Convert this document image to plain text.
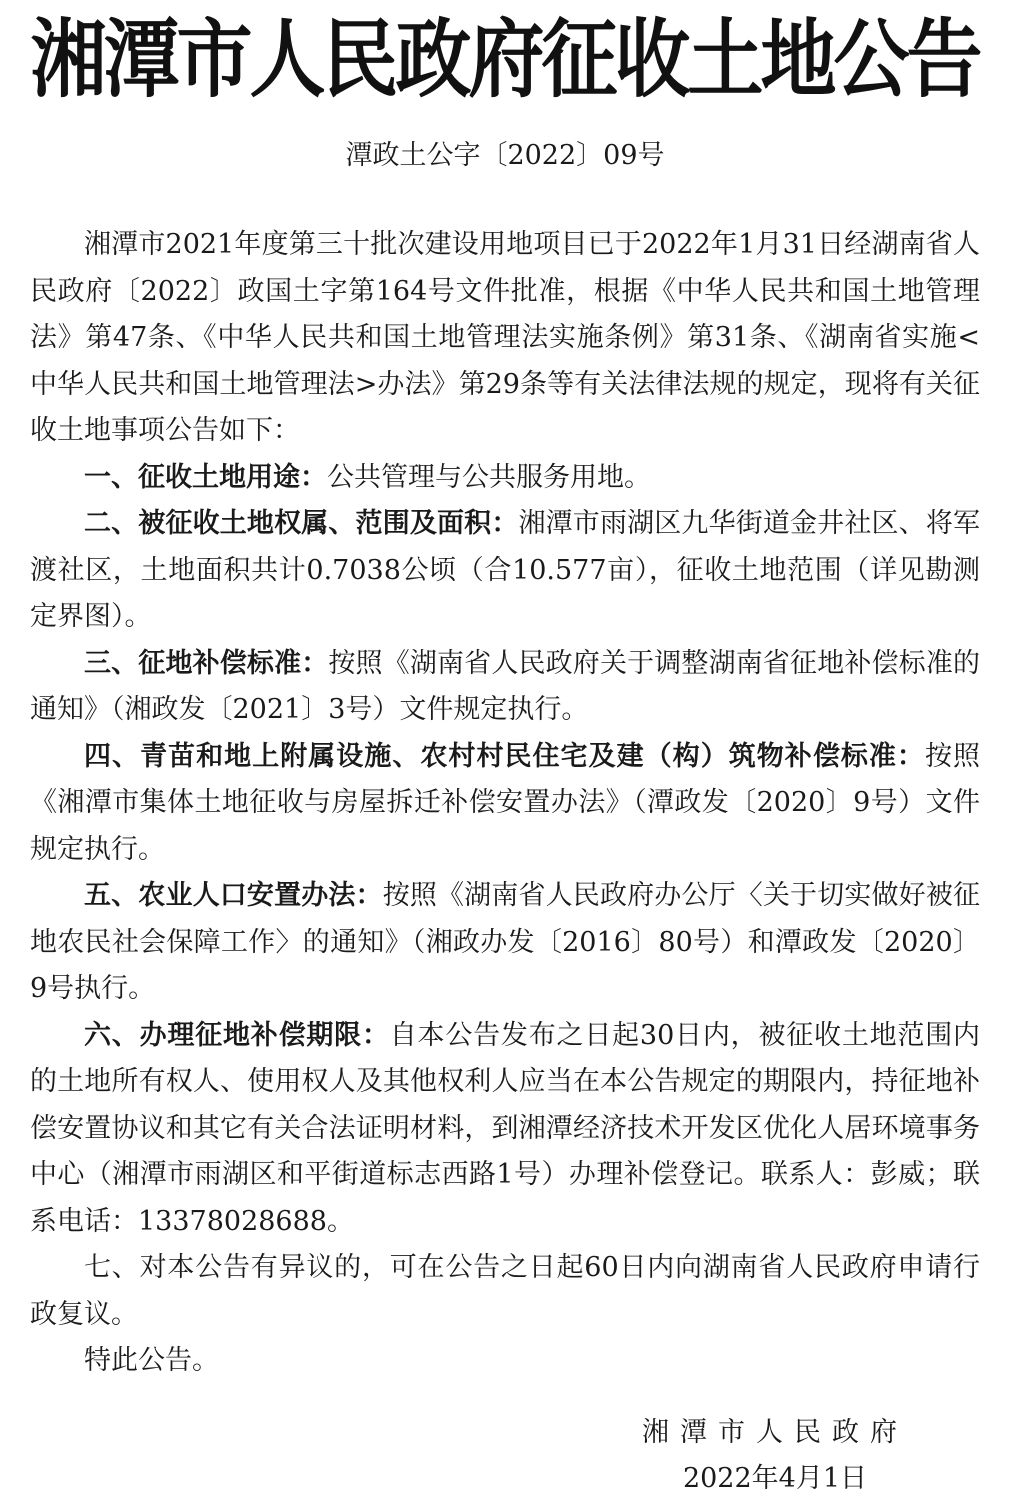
湘潭市人民政府征收土地公告
潭政土公字〔2022〕09号

湘潭市2021年度第三十批次建设用地项目已于2022年1月31日经湖南省人民政府〔2022〕政国土字第164号文件批准，根据《中华人民共和国土地管理法》第47条、《中华人民共和国土地管理法实施条例》第31条、《湖南省实施<中华人民共和国土地管理法>办法》第29条等有关法律法规的规定，现将有关征收土地事项公告如下：

一、征收土地用途：公共管理与公共服务用地。

二、被征收土地权属、范围及面积：湘潭市雨湖区九华街道金井社区、将军渡社区，土地面积共计0.7038公顷（合10.577亩），征收土地范围（详见勘测定界图）。

三、征地补偿标准：按照《湖南省人民政府关于调整湖南省征地补偿标准的通知》（湘政发〔2021〕3号）文件规定执行。

四、青苗和地上附属设施、农村村民住宅及建（构）筑物补偿标准：按照《湘潭市集体土地征收与房屋拆迁补偿安置办法》（潭政发〔2020〕9号）文件规定执行。

五、农业人口安置办法：按照《湖南省人民政府办公厅〈关于切实做好被征地农民社会保障工作〉的通知》（湘政办发〔2016〕80号）和潭政发〔2020〕9号执行。

六、办理征地补偿期限：自本公告发布之日起30日内，被征收土地范围内的土地所有权人、使用权人及其他权利人应当在本公告规定的期限内，持征地补偿安置协议和其它有关合法证明材料，到湘潭经济技术开发区优化人居环境事务中心（湘潭市雨湖区和平街道标志西路1号）办理补偿登记。联系人：彭威；联系电话：13378028688。

七、对本公告有异议的，可在公告之日起60日内向湖南省人民政府申请行政复议。

特此公告。

湘潭市人民政府
2022年4月1日
